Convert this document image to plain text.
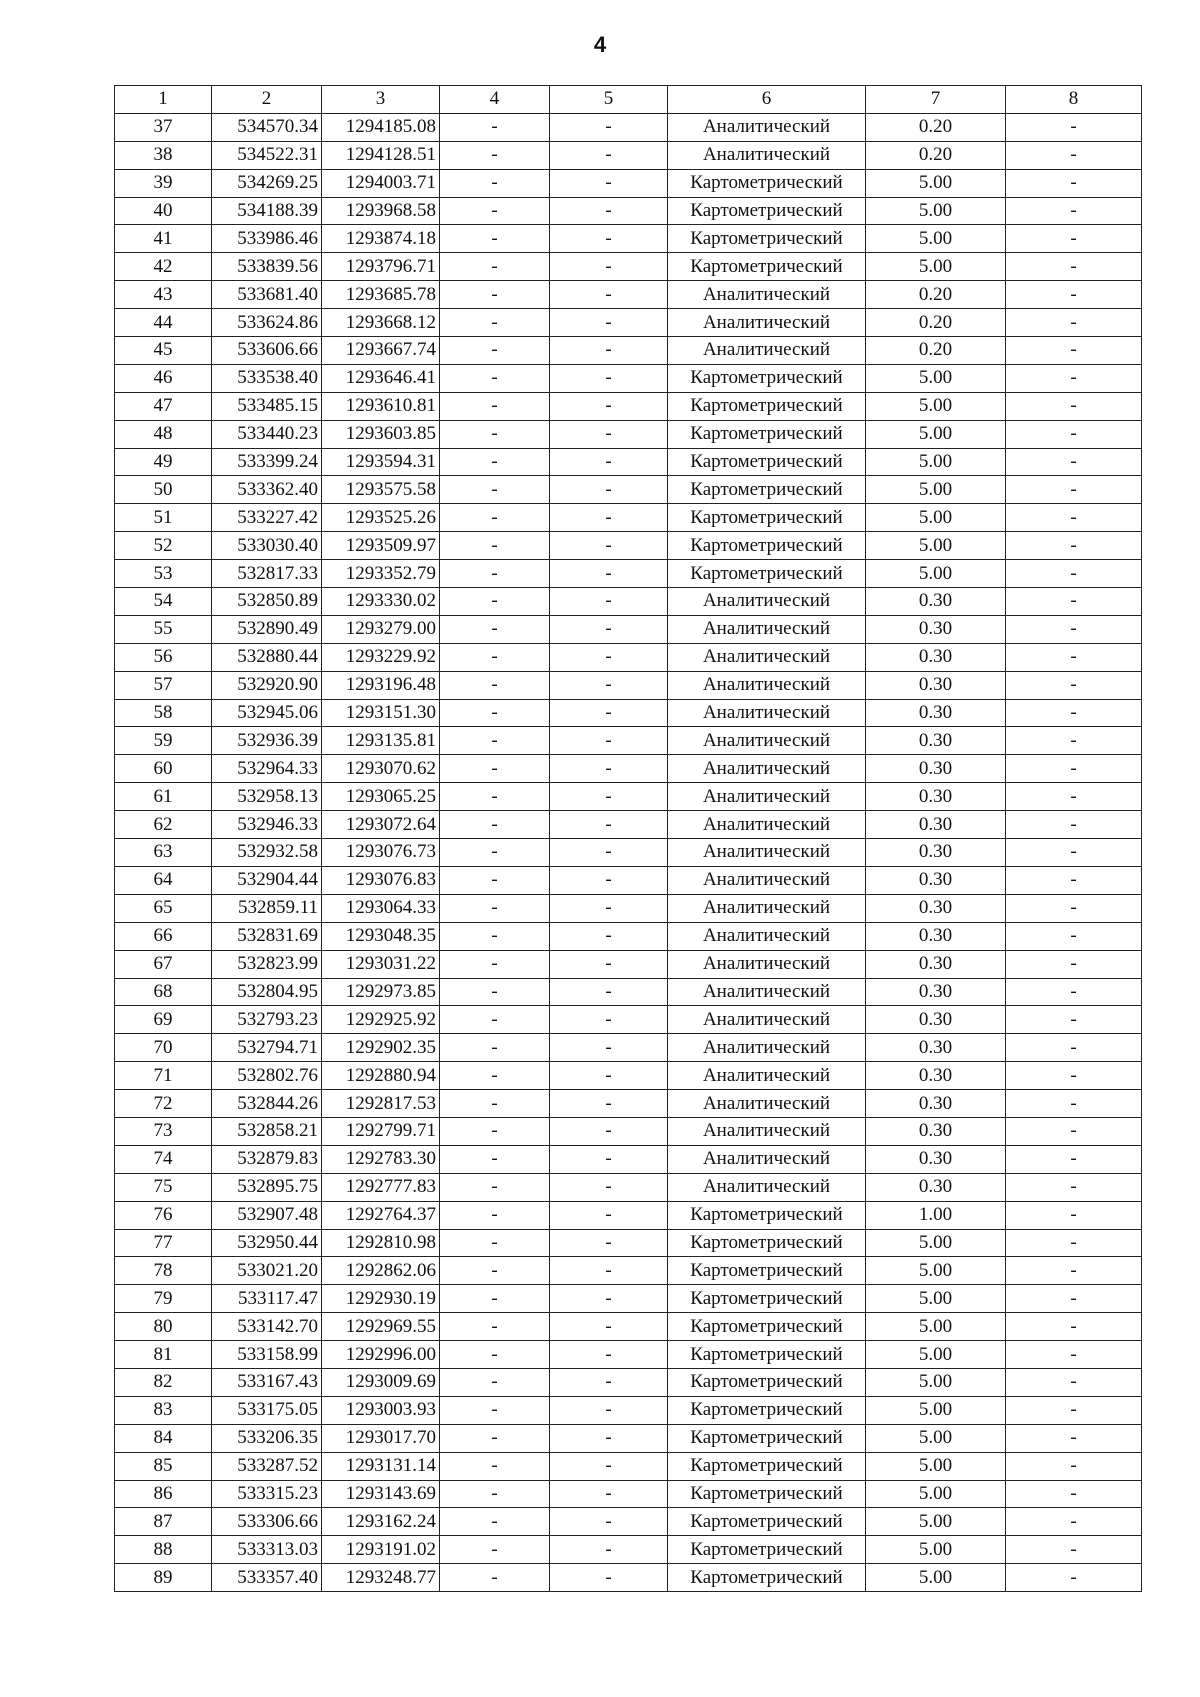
4
1	2	3	4	5	6	7	8
37	534570.34	1294185.08	-	-	Аналитический	0.20	-
38	534522.31	1294128.51	-	-	Аналитический	0.20	-
39	534269.25	1294003.71	-	-	Картометрический	5.00	-
40	534188.39	1293968.58	-	-	Картометрический	5.00	-
41	533986.46	1293874.18	-	-	Картометрический	5.00	-
42	533839.56	1293796.71	-	-	Картометрический	5.00	-
43	533681.40	1293685.78	-	-	Аналитический	0.20	-
44	533624.86	1293668.12	-	-	Аналитический	0.20	-
45	533606.66	1293667.74	-	-	Аналитический	0.20	-
46	533538.40	1293646.41	-	-	Картометрический	5.00	-
47	533485.15	1293610.81	-	-	Картометрический	5.00	-
48	533440.23	1293603.85	-	-	Картометрический	5.00	-
49	533399.24	1293594.31	-	-	Картометрический	5.00	-
50	533362.40	1293575.58	-	-	Картометрический	5.00	-
51	533227.42	1293525.26	-	-	Картометрический	5.00	-
52	533030.40	1293509.97	-	-	Картометрический	5.00	-
53	532817.33	1293352.79	-	-	Картометрический	5.00	-
54	532850.89	1293330.02	-	-	Аналитический	0.30	-
55	532890.49	1293279.00	-	-	Аналитический	0.30	-
56	532880.44	1293229.92	-	-	Аналитический	0.30	-
57	532920.90	1293196.48	-	-	Аналитический	0.30	-
58	532945.06	1293151.30	-	-	Аналитический	0.30	-
59	532936.39	1293135.81	-	-	Аналитический	0.30	-
60	532964.33	1293070.62	-	-	Аналитический	0.30	-
61	532958.13	1293065.25	-	-	Аналитический	0.30	-
62	532946.33	1293072.64	-	-	Аналитический	0.30	-
63	532932.58	1293076.73	-	-	Аналитический	0.30	-
64	532904.44	1293076.83	-	-	Аналитический	0.30	-
65	532859.11	1293064.33	-	-	Аналитический	0.30	-
66	532831.69	1293048.35	-	-	Аналитический	0.30	-
67	532823.99	1293031.22	-	-	Аналитический	0.30	-
68	532804.95	1292973.85	-	-	Аналитический	0.30	-
69	532793.23	1292925.92	-	-	Аналитический	0.30	-
70	532794.71	1292902.35	-	-	Аналитический	0.30	-
71	532802.76	1292880.94	-	-	Аналитический	0.30	-
72	532844.26	1292817.53	-	-	Аналитический	0.30	-
73	532858.21	1292799.71	-	-	Аналитический	0.30	-
74	532879.83	1292783.30	-	-	Аналитический	0.30	-
75	532895.75	1292777.83	-	-	Аналитический	0.30	-
76	532907.48	1292764.37	-	-	Картометрический	1.00	-
77	532950.44	1292810.98	-	-	Картометрический	5.00	-
78	533021.20	1292862.06	-	-	Картометрический	5.00	-
79	533117.47	1292930.19	-	-	Картометрический	5.00	-
80	533142.70	1292969.55	-	-	Картометрический	5.00	-
81	533158.99	1292996.00	-	-	Картометрический	5.00	-
82	533167.43	1293009.69	-	-	Картометрический	5.00	-
83	533175.05	1293003.93	-	-	Картометрический	5.00	-
84	533206.35	1293017.70	-	-	Картометрический	5.00	-
85	533287.52	1293131.14	-	-	Картометрический	5.00	-
86	533315.23	1293143.69	-	-	Картометрический	5.00	-
87	533306.66	1293162.24	-	-	Картометрический	5.00	-
88	533313.03	1293191.02	-	-	Картометрический	5.00	-
89	533357.40	1293248.77	-	-	Картометрический	5.00	-
